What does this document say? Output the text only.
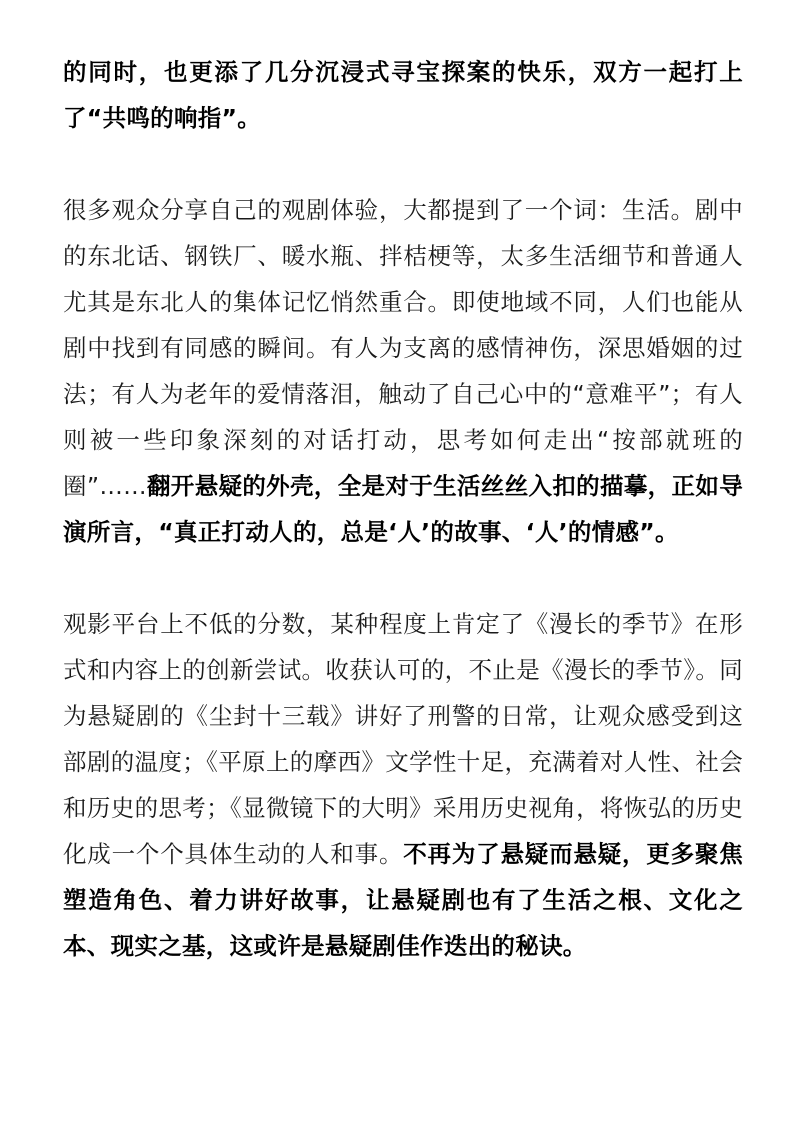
的同时，也更添了几分沉浸式寻宝探案的快乐，双方一起打上了“共鸣的响指”。

很多观众分享自己的观剧体验，大都提到了一个词：生活。剧中的东北话、钢铁厂、暖水瓶、拌桔梗等，太多生活细节和普通人尤其是东北人的集体记忆悄然重合。即使地域不同，人们也能从剧中找到有同感的瞬间。有人为支离的感情神伤，深思婚姻的过法；有人为老年的爱情落泪，触动了自己心中的“意难平”；有人则被一些印象深刻的对话打动，思考如何走出“按部就班的圈”……翻开悬疑的外壳，全是对于生活丝丝入扣的描摹，正如导演所言，“真正打动人的，总是‘人’的故事、‘人’的情感”。

观影平台上不低的分数，某种程度上肯定了《漫长的季节》在形式和内容上的创新尝试。收获认可的，不止是《漫长的季节》。同为悬疑剧的《尘封十三载》讲好了刑警的日常，让观众感受到这部剧的温度；《平原上的摩西》文学性十足，充满着对人性、社会和历史的思考；《显微镜下的大明》采用历史视角，将恢弘的历史化成一个个具体生动的人和事。不再为了悬疑而悬疑，更多聚焦塑造角色、着力讲好故事，让悬疑剧也有了生活之根、文化之本、现实之基，这或许是悬疑剧佳作迭出的秘诀。
